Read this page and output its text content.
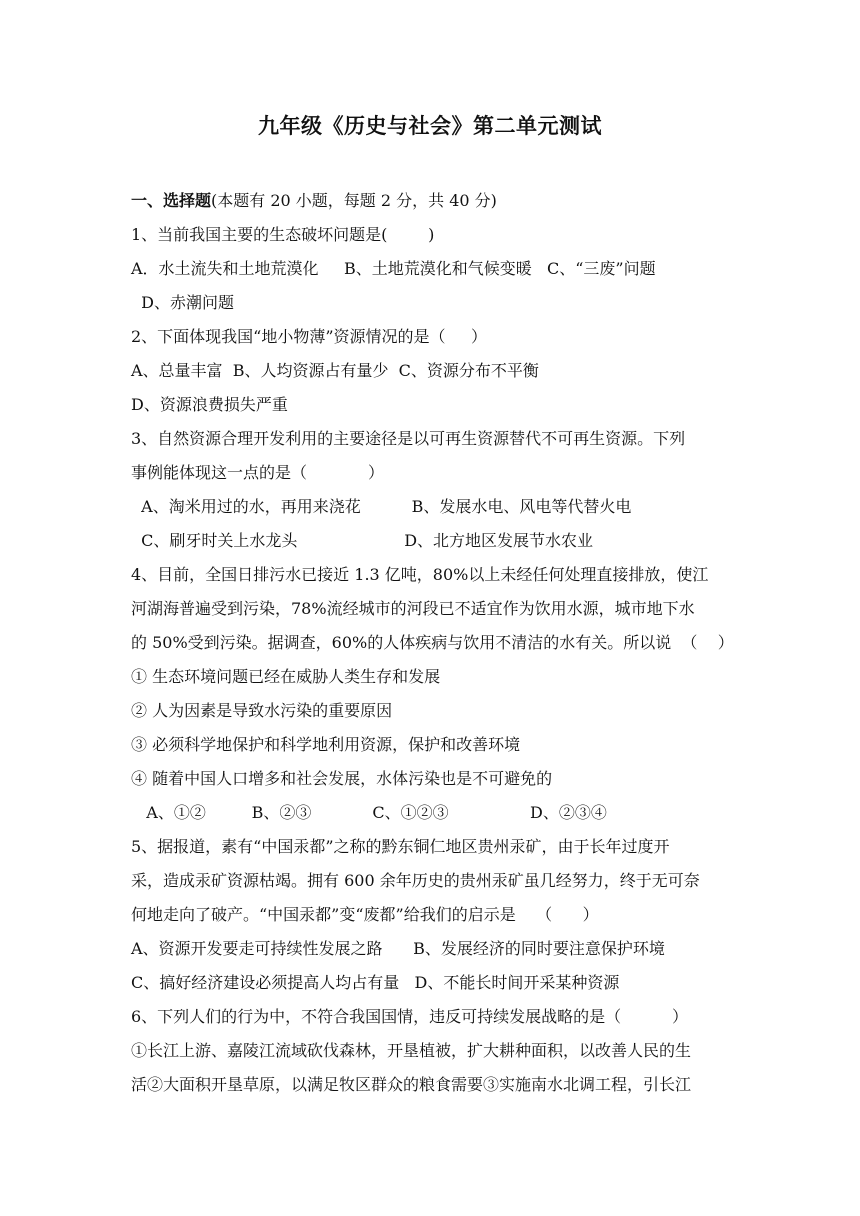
九年级《历史与社会》第二单元测试
一、选择题(本题有 20 小题，每题 2 分，共 40 分)
1、当前我国主要的生态破坏问题是(        )
A．水土流失和土地荒漠化     B、土地荒漠化和气候变暖   C、“三废”问题
D、赤潮问题
2、下面体现我国“地小物薄”资源情况的是（     ）
A、总量丰富  B、人均资源占有量少  C、资源分布不平衡
D、资源浪费损失严重
3、自然资源合理开发利用的主要途径是以可再生资源替代不可再生资源。下列
事例能体现这一点的是（            ）
A、淘米用过的水，再用来浇花          B、发展水电、风电等代替火电
C、刷牙时关上水龙头                     D、北方地区发展节水农业
4、目前，全国日排污水已接近 1.3 亿吨，80%以上未经任何处理直接排放，使江
河湖海普遍受到污染，78%流经城市的河段已不适宜作为饮用水源，城市地下水
的 50%受到污染。据调查，60%的人体疾病与饮用不清洁的水有关。所以说  （    ）
① 生态环境问题已经在威胁人类生存和发展
② 人为因素是导致水污染的重要原因
③ 必须科学地保护和科学地利用资源，保护和改善环境
④ 随着中国人口增多和社会发展，水体污染也是不可避免的
A、①②         B、②③            C、①②③                D、②③④
5、据报道，素有“中国汞都”之称的黔东铜仁地区贵州汞矿，由于长年过度开
采，造成汞矿资源枯竭。拥有 600 余年历史的贵州汞矿虽几经努力，终于无可奈
何地走向了破产。“中国汞都”变“废都”给我们的启示是    （      ）
A、资源开发要走可持续性发展之路      B、发展经济的同时要注意保护环境
C、搞好经济建设必须提高人均占有量   D、不能长时间开采某种资源
6、下列人们的行为中，不符合我国国情，违反可持续发展战略的是（          ）
①长江上游、嘉陵江流域砍伐森林，开垦植被，扩大耕种面积，以改善人民的生
活②大面积开垦草原，以满足牧区群众的粮食需要③实施南水北调工程，引长江
